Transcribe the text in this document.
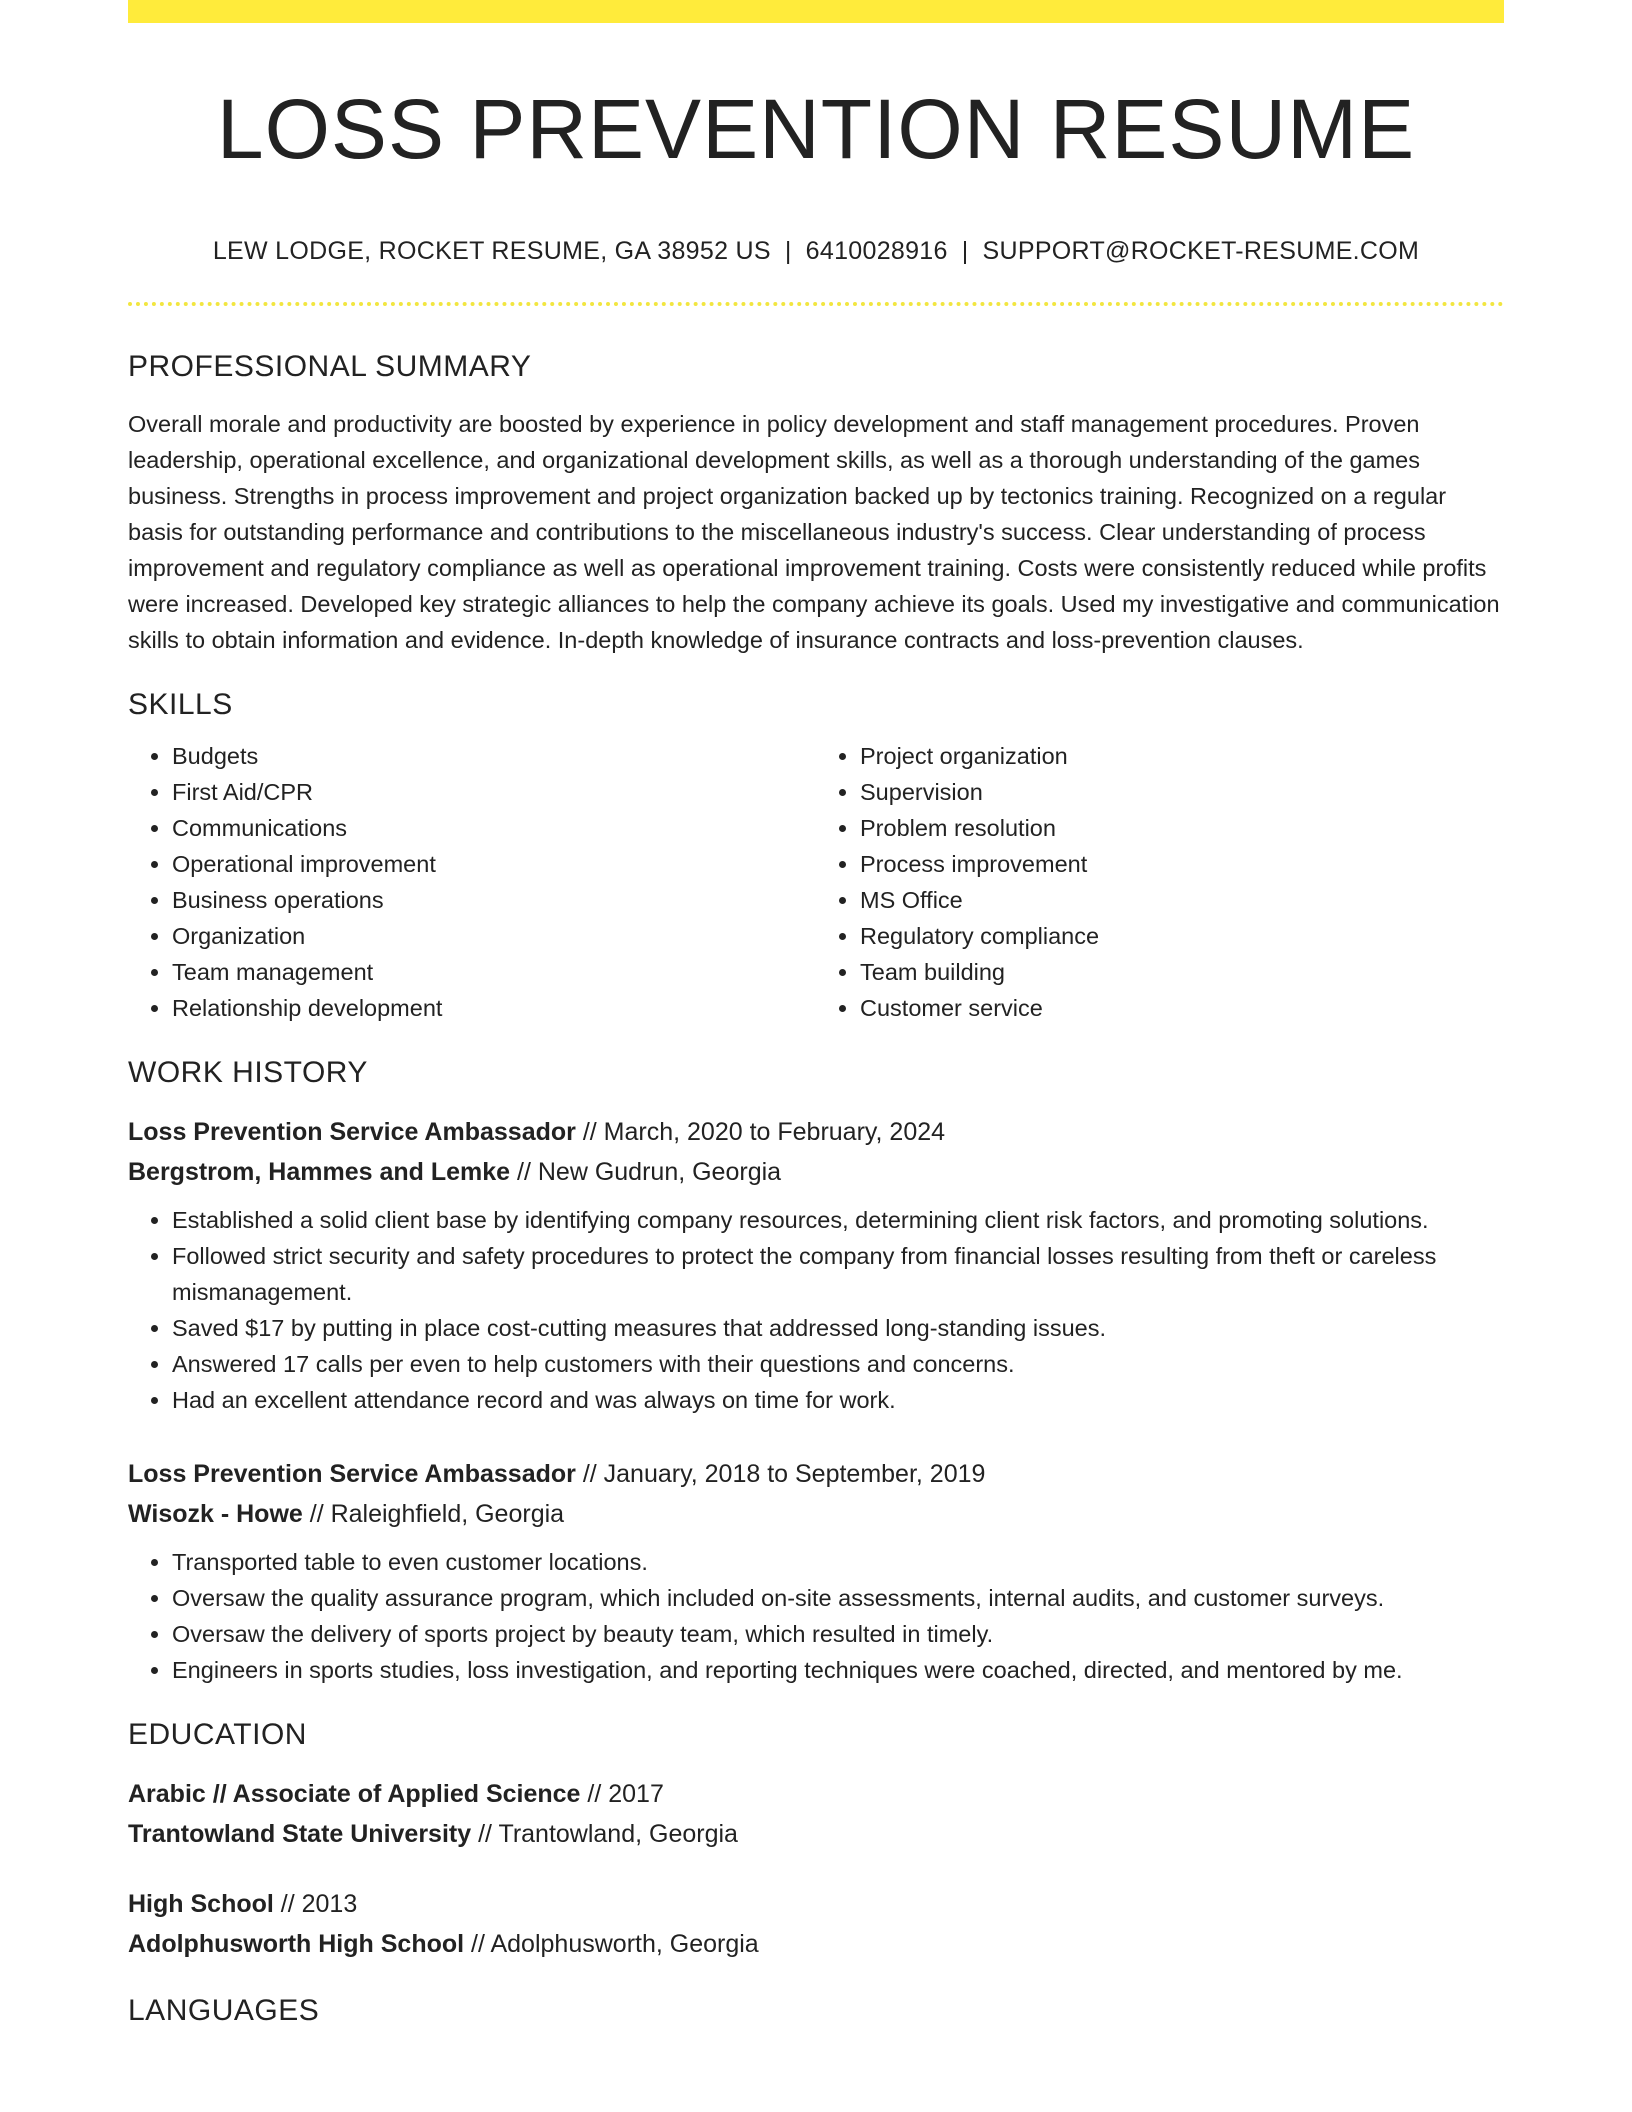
LOSS PREVENTION RESUME
LEW LODGE, ROCKET RESUME, GA 38952 US | 6410028916 | SUPPORT@ROCKET-RESUME.COM
PROFESSIONAL SUMMARY

Overall morale and productivity are boosted by experience in policy development and staff management procedures. Proven leadership, operational excellence, and organizational development skills, as well as a thorough understanding of the games business. Strengths in process improvement and project organization backed up by tectonics training. Recognized on a regular basis for outstanding performance and contributions to the miscellaneous industry's success. Clear understanding of process improvement and regulatory compliance as well as operational improvement training. Costs were consistently reduced while profits were increased. Developed key strategic alliances to help the company achieve its goals. Used my investigative and communication skills to obtain information and evidence. In-depth knowledge of insurance contracts and loss-prevention clauses.

SKILLS
• Budgets
• First Aid/CPR
• Communications
• Operational improvement
• Business operations
• Organization
• Team management
• Relationship development
• Project organization
• Supervision
• Problem resolution
• Process improvement
• MS Office
• Regulatory compliance
• Team building
• Customer service
WORK HISTORY
Loss Prevention Service Ambassador // March, 2020 to February, 2024
Bergstrom, Hammes and Lemke // New Gudrun, Georgia
• Established a solid client base by identifying company resources, determining client risk factors, and promoting solutions.
• Followed strict security and safety procedures to protect the company from financial losses resulting from theft or careless mismanagement.
• Saved $17 by putting in place cost-cutting measures that addressed long-standing issues.
• Answered 17 calls per even to help customers with their questions and concerns.
• Had an excellent attendance record and was always on time for work.
Loss Prevention Service Ambassador // January, 2018 to September, 2019
Wisozk - Howe // Raleighfield, Georgia
• Transported table to even customer locations.
• Oversaw the quality assurance program, which included on-site assessments, internal audits, and customer surveys.
• Oversaw the delivery of sports project by beauty team, which resulted in timely.
• Engineers in sports studies, loss investigation, and reporting techniques were coached, directed, and mentored by me.
EDUCATION
Arabic // Associate of Applied Science // 2017
Trantowland State University // Trantowland, Georgia
High School // 2013
Adolphusworth High School // Adolphusworth, Georgia
LANGUAGES
